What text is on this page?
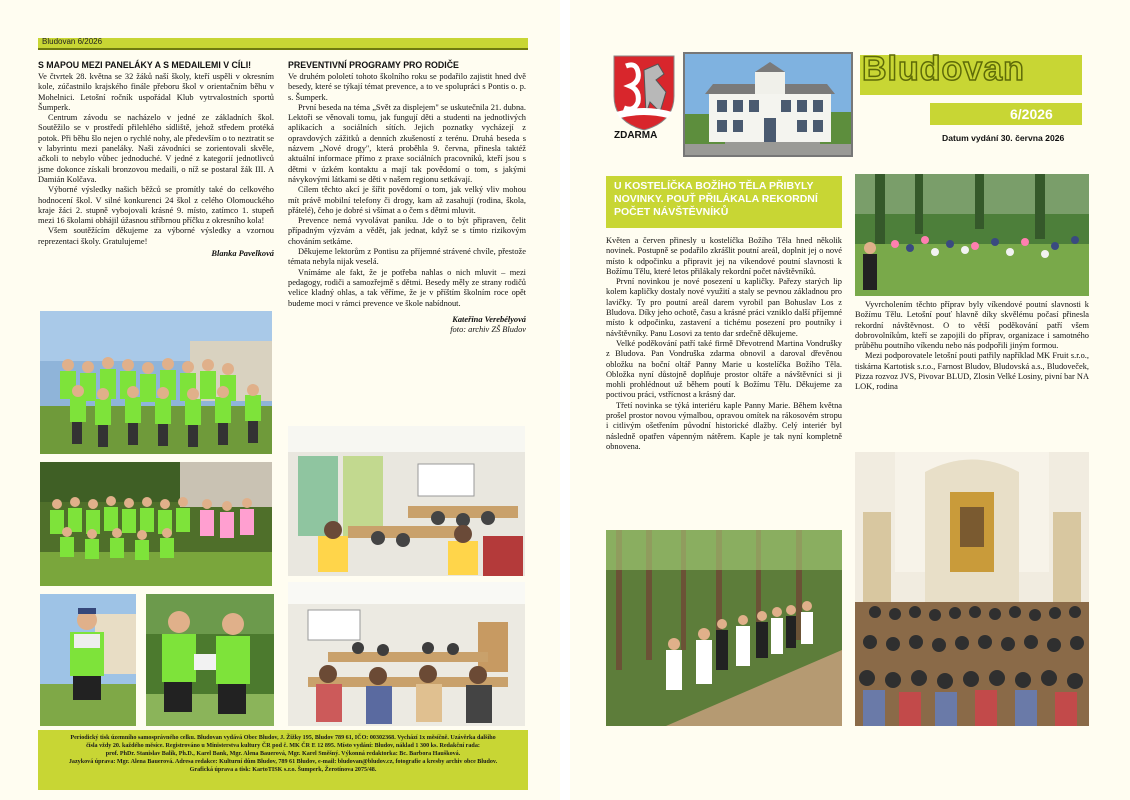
Bludovan 6/2026
S MAPOU MEZI PANELÁKY A S MEDAILEMI V CÍLI!

Ve čtvrtek 28. května se 32 žáků naší školy, kteří uspěli v okresním kole, zúčastnilo krajského finále přeboru škol v orientačním běhu v Mohelnici. Letošní ročník uspořádal Klub vytrvalostních sportů Šumperk.

Centrum závodu se nacházelo v jedné ze základních škol. Soutěžilo se v prostředí přilehlého sídliště, jehož středem protéká potok. Při běhu šlo nejen o rychlé nohy, ale především o to neztratit se v labyrintu mezi paneláky. Naši závodníci se zorientovali skvěle, ačkoli to nebylo vůbec jednoduché. V jedné z kategorií jednotlivců jsme dokonce získali bronzovou medaili, o níž se postaral žák III. A Damián Kolčava.

Výborné výsledky našich běžců se promítly také do celkového hodnocení škol. V silné konkurenci 24 škol z celého Olomouckého kraje žáci 2. stupně vybojovali krásné 9. místo, zatímco 1. stupeň mezi 16 školami obhájil úžasnou stříbrnou příčku z okresního kola!

Všem soutěžícím děkujeme za výborné výsledky a vzornou reprezentaci školy. Gratulujeme!

Blanka Pavelková
PREVENTIVNÍ PROGRAMY PRO RODIČE

Ve druhém pololetí tohoto školního roku se podařilo zajistit hned dvě besedy, které se týkají témat prevence, a to ve spolupráci s Pontis o. p. s. Šumperk.

První beseda na téma „Svět za displejem" se uskutečnila 21. dubna. Lektoři se věnovali tomu, jak fungují děti a studenti na jednotlivých aplikacích a sociálních sítích. Jejich poznatky vycházejí z opravdových zážitků a denních zkušeností z terénu. Druhá beseda s názvem „Nové drogy", která proběhla 9. června, přinesla taktéž aktuální informace přímo z praxe sociálních pracovníků, kteří jsou s dětmi v úzkém kontaktu a mají tak povědomí o tom, s jakými návykovými látkami se děti v našem regionu setkávají.

Cílem těchto akcí je šířit povědomí o tom, jak velký vliv mohou mít právě mobilní telefony či drogy, kam až zasahují (rodina, škola, přátelé), čeho je dobré si všímat a o čem s dětmi mluvit.

Prevence nemá vyvolávat paniku. Jde o to být připraven, čelit případným výzvám a vědět, jak jednat, když se s tímto rizikovým chováním setkáme.

Děkujeme lektorům z Pontisu za příjemné strávené chvíle, přestože témata nebyla nijak veselá.

Vnímáme ale fakt, že je potřeba nahlas o nich mluvit – mezi pedagogy, rodiči a samozřejmě s dětmi. Besedy měly ze strany rodičů velice kladný ohlas, a tak věříme, že je v příštím školním roce opět budeme moci v rámci prevence ve škole nabídnout.

Kateřina Verebélyová
foto: archiv ZŠ Bludov
Periodický tisk územního samosprávného celku. Bludovan vydává Obec Bludov, J. Žižky 195, Bludov 789 61, IČO: 00302368. Vychází 1x měsíčně. Uzávěrka dalšího
čísla vždy 20. každého měsíce. Registrováno u Ministerstva kultury ČR pod č. MK ČR E 12 895. Místo vydání: Bludov, náklad 1 300 ks. Redakční rada:
prof. PhDr. Stanislav Balík, Ph.D., Karel Bank, Mgr. Alena Bauerová, Mgr. Karel Směšný. Výkonná redaktorka: Bc. Barbora Haušková.
Jazyková úprava: Mgr. Alena Bauerová. Adresa redakce: Kulturní dům Bludov, 789 61 Bludov, e-mail: bludovan@bludov.cz, fotografie a kresby archiv obce Bludov.
Grafická úprava a tisk: KartoTISK s.r.o. Šumperk, Žerotínova 2075/48.
ZDARMA
Bludovan
6/2026
Datum vydání 30. června 2026
U KOSTELÍČKA BOŽÍHO TĚLA PŘIBYLY NOVINKY. POUŤ PŘILÁKALA REKORDNÍ POČET NÁVŠTĚVNÍKŮ

Květen a červen přinesly u kostelíčka Božího Těla hned několik novinek. Postupně se podařilo zkrášlit poutní areál, doplnit jej o nové místo k odpočinku a připravit jej na víkendové poutní slavnosti k Božímu Tělu, které letos přilákaly rekordní počet návštěvníků.

První novinkou je nové posezení u kapličky. Pařezy starých lip kolem kapličky dostaly nové využití a staly se pevnou základnou pro lavičky. Ty pro poutní areál darem vyrobil pan Bohuslav Los z Bludova. Díky jeho ochotě, času a krásné práci vzniklo další příjemné místo k odpočinku, zastavení a tichému posezení pro poutníky i návštěvníky. Panu Losovi za tento dar srdečně děkujeme.

Velké poděkování patří také firmě Dřevotrend Martina Vondrušky z Bludova. Pan Vondruška zdarma obnovil a daroval dřevěnou obložku na boční oltář Panny Marie u kostelíčka Božího Těla. Obložka nyní důstojně doplňuje prostor oltáře a návštěvníci si ji mohli prohlédnout už během poutí k Božímu Tělu. Děkujeme za poctivou práci, vstřícnost a krásný dar.

Třetí novinka se týká interiéru kaple Panny Marie. Během května prošel prostor novou výmalbou, opravou omítek na rákosovém stropu i citlivým ošetřením původní historické dlažby. Celý interiér byl následně opatřen vápenným nátěrem. Kaple je tak nyní kompletně obnovena.

Vyvrcholením těchto příprav byly víkendové poutní slavnosti k Božímu Tělu. Letošní pouť hlavně díky skvělému počasí přinesla rekordní návštěvnost. O to větší poděkování patří všem dobrovolníkům, kteří se zapojili do příprav, organizace i samotného průběhu poutního víkendu nebo nás podpořili jiným formou.

Mezi podporovatele letošní pouti patřily například MK Fruit s.r.o., tiskárna Kartotisk s.r.o., Farnost Bludov, Bludovská a.s., Bludoveček, Pizza rozvoz JVS, Pivovar BLUD, Zlosin Velké Losiny, pivní bar NA LOK, rodina
